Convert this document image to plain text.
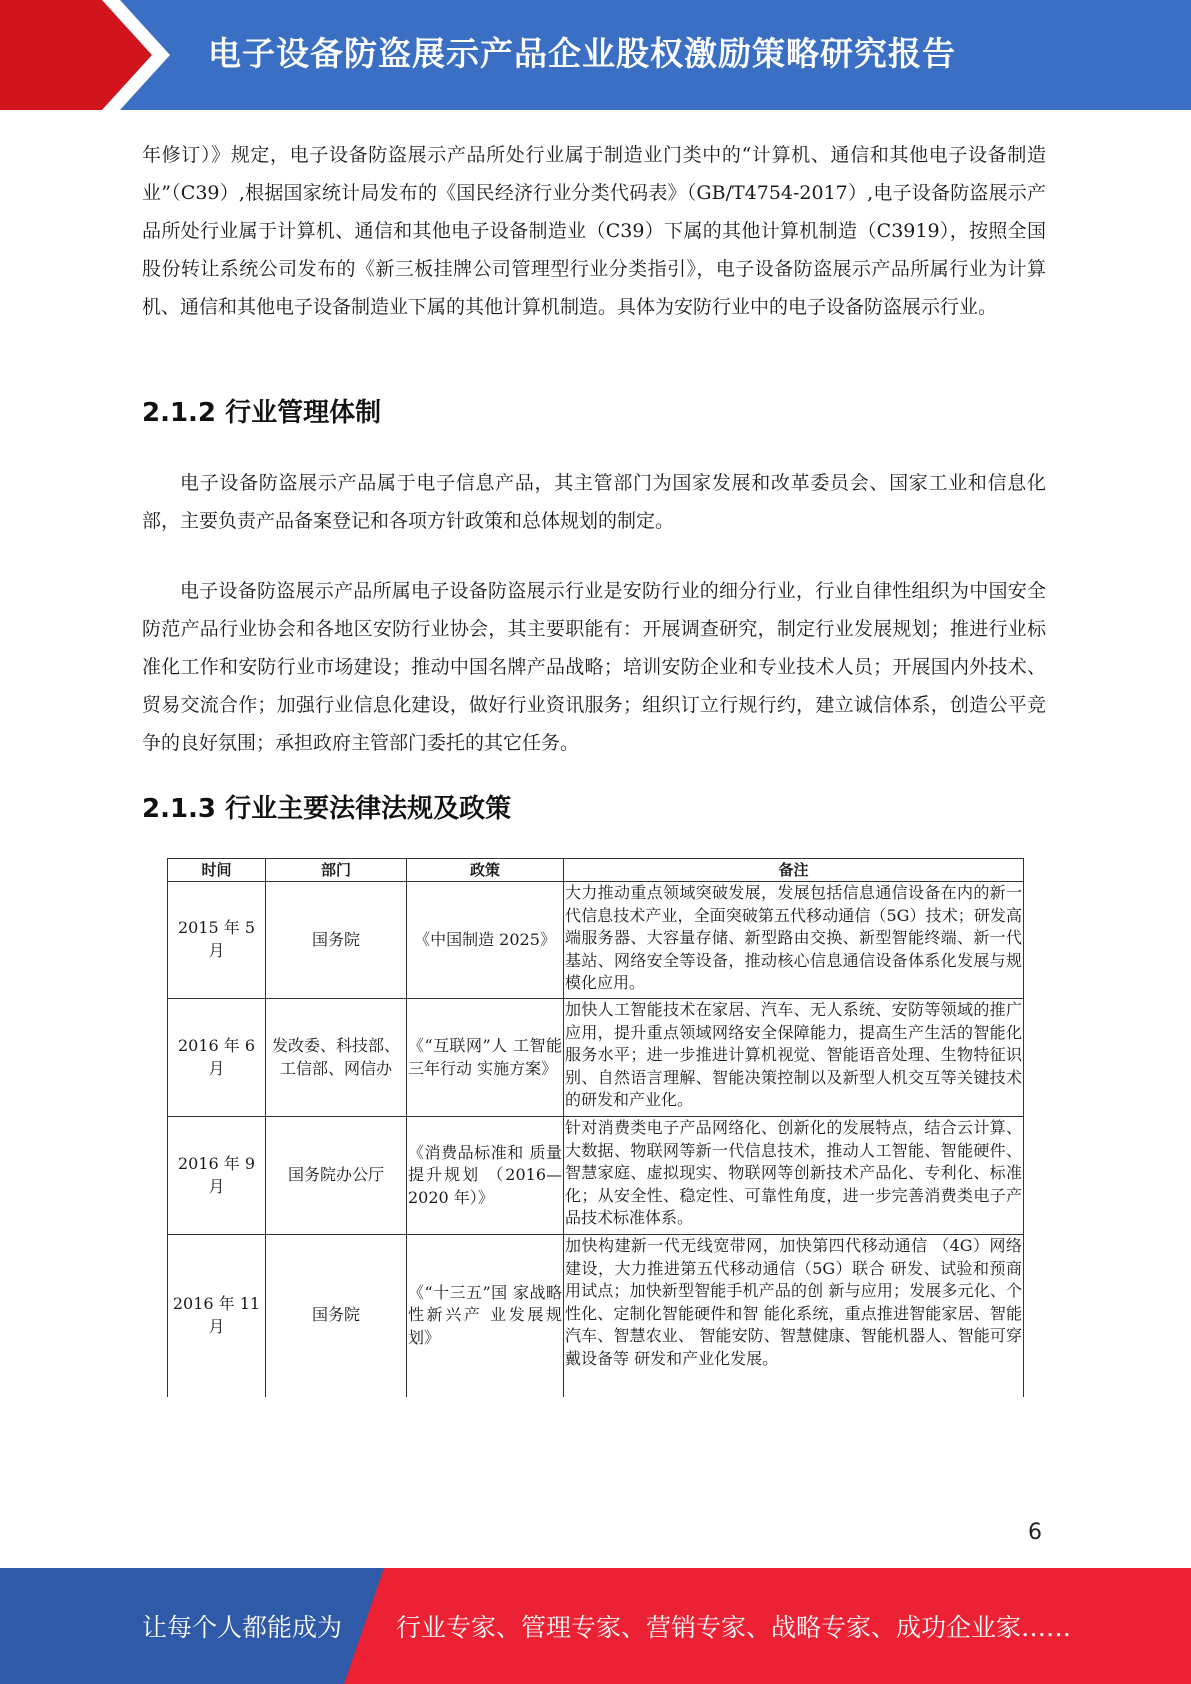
电子设备防盗展示产品企业股权激励策略研究报告
年修订）》规定，电子设备防盗展示产品所处行业属于制造业门类中的“计算机、通信和其他电子设备制造业”（C39）,根据国家统计局发布的《国民经济行业分类代码表》（GB/T4754-2017）,电子设备防盗展示产品所处行业属于计算机、通信和其他电子设备制造业（C39）下属的其他计算机制造（C3919），按照全国股份转让系统公司发布的《新三板挂牌公司管理型行业分类指引》，电子设备防盗展示产品所属行业为计算机、通信和其他电子设备制造业下属的其他计算机制造。具体为安防行业中的电子设备防盗展示行业。
2.1.2 行业管理体制
电子设备防盗展示产品属于电子信息产品，其主管部门为国家发展和改革委员会、国家工业和信息化部，主要负责产品备案登记和各项方针政策和总体规划的制定。
电子设备防盗展示产品所属电子设备防盗展示行业是安防行业的细分行业，行业自律性组织为中国安全防范产品行业协会和各地区安防行业协会，其主要职能有：开展调查研究，制定行业发展规划；推进行业标准化工作和安防行业市场建设；推动中国名牌产品战略；培训安防企业和专业技术人员；开展国内外技术、贸易交流合作；加强行业信息化建设，做好行业资讯服务；组织订立行规行约，建立诚信体系，创造公平竞争的良好氛围；承担政府主管部门委托的其它任务。
2.1.3 行业主要法律法规及政策
时间	部门	政策	备注
2015 年 5 月	国务院	《中国制造 2025》	大力推动重点领域突破发展，发展包括信息通信设备在内的新一代信息技术产业，全面突破第五代移动通信（5G）技术；研发高端服务器、大容量存储、新型路由交换、新型智能终端、新一代基站、网络安全等设备，推动核心信息通信设备体系化发展与规模化应用。
2016 年 6 月	发改委、科技部、工信部、网信办	《“互联网”人 工智能三年行动 实施方案》	加快人工智能技术在家居、汽车、无人系统、安防等领域的推广应用，提升重点领域网络安全保障能力，提高生产生活的智能化服务水平；进一步推进计算机视觉、智能语音处理、生物特征识别、自然语言理解、智能决策控制以及新型人机交互等关键技术的研发和产业化。
2016 年 9 月	国务院办公厅	《消费品标准和 质量提升规划 （2016—2020 年）》	针对消费类电子产品网络化、创新化的发展特点，结合云计算、大数据、物联网等新一代信息技术，推动人工智能、智能硬件、智慧家庭、虚拟现实、物联网等创新技术产品化、专利化、标准化；从安全性、稳定性、可靠性角度，进一步完善消费类电子产品技术标准体系。
2016 年 11 月	国务院	《“十三五”国 家战略性新兴产 业发展规划》	加快构建新一代无线宽带网，加快第四代移动通信 （4G）网络建设，大力推进第五代移动通信（5G）联合 研发、试验和预商用试点；加快新型智能手机产品的创 新与应用；发展多元化、个性化、定制化智能硬件和智 能化系统，重点推进智能家居、智能汽车、智慧农业、 智能安防、智慧健康、智能机器人、智能可穿戴设备等 研发和产业化发展。
6
让每个人都能成为 行业专家、管理专家、营销专家、战略专家、成功企业家……
